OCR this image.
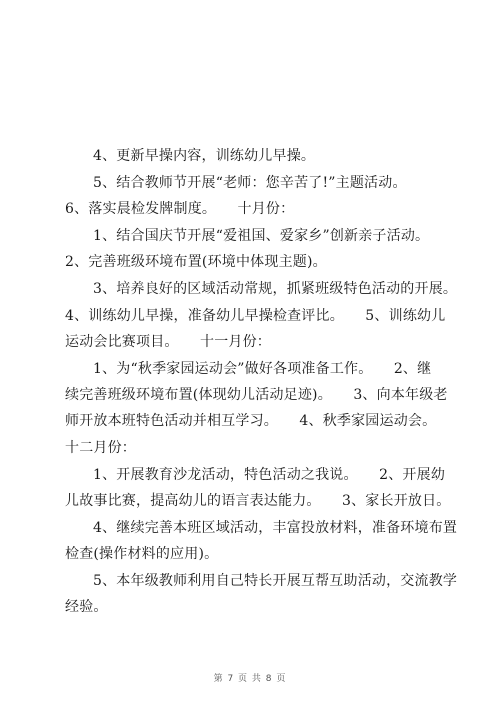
4、更新早操内容，训练幼儿早操。
5、结合教师节开展“老师：您辛苦了!”主题活动。
6、落实晨检发牌制度。　　十月份：
1、结合国庆节开展“爱祖国、爱家乡”创新亲子活动。
2、完善班级环境布置(环境中体现主题)。
3、培养良好的区域活动常规，抓紧班级特色活动的开展。
4、训练幼儿早操，准备幼儿早操检查评比。　　5、训练幼儿
运动会比赛项目。　　十一月份：
1、为“秋季家园运动会”做好各项准备工作。　　2、继
续完善班级环境布置(体现幼儿活动足迹)。　　3、向本年级老
师开放本班特色活动并相互学习。　　4、秋季家园运动会。
十二月份：
1、开展教育沙龙活动，特色活动之我说。　　2、开展幼
儿故事比赛，提高幼儿的语言表达能力。　　3、家长开放日。
4、继续完善本班区域活动，丰富投放材料，准备环境布置
检查(操作材料的应用)。
5、本年级教师利用自己特长开展互帮互助活动，交流教学
经验。
第 7 页 共 8 页
